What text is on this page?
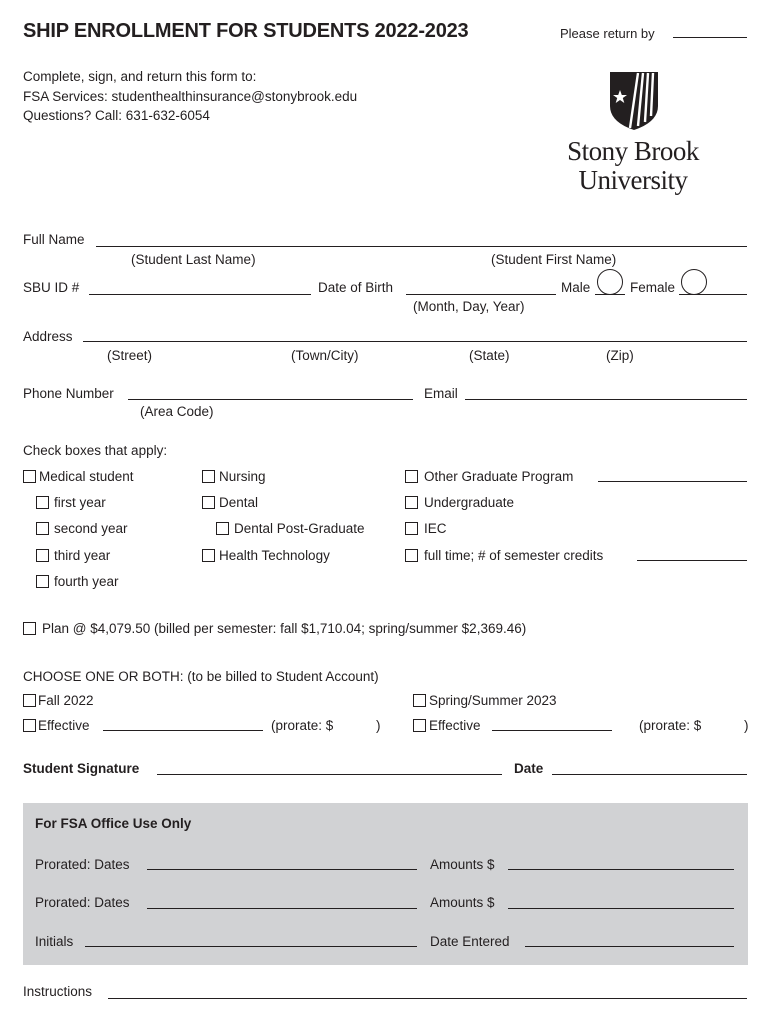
SHIP ENROLLMENT FOR STUDENTS 2022-2023	Please return by
Complete, sign, and return this form to:
FSA Services: studenthealthinsurance@stonybrook.edu
Questions? Call: 631-632-6054
Stony Brook
University
Full Name
(Student Last Name)	(Student First Name)
SBU ID #	Date of Birth
(Month, Day, Year)
Male	Female
Address
(Street)	(Town/City)	(State)	(Zip)
Phone Number
(Area Code)
Email
Check boxes that apply:
Medical student
first year
second year
third year
fourth year
Nursing
Dental
Dental Post-Graduate
Health Technology
Other Graduate Program
Undergraduate
IEC
full time; # of semester credits
Plan @ $4,079.50 (billed per semester: fall $1,710.04; spring/summer $2,369.46)
CHOOSE ONE OR BOTH: (to be billed to Student Account)
Fall 2022	Spring/Summer 2023
Effective	(prorate: $	)	Effective	(prorate: $	)
Student Signature	Date
For FSA Office Use Only
Prorated: Dates	Amounts $
Prorated: Dates	Amounts $
Initials	Date Entered
Instructions
